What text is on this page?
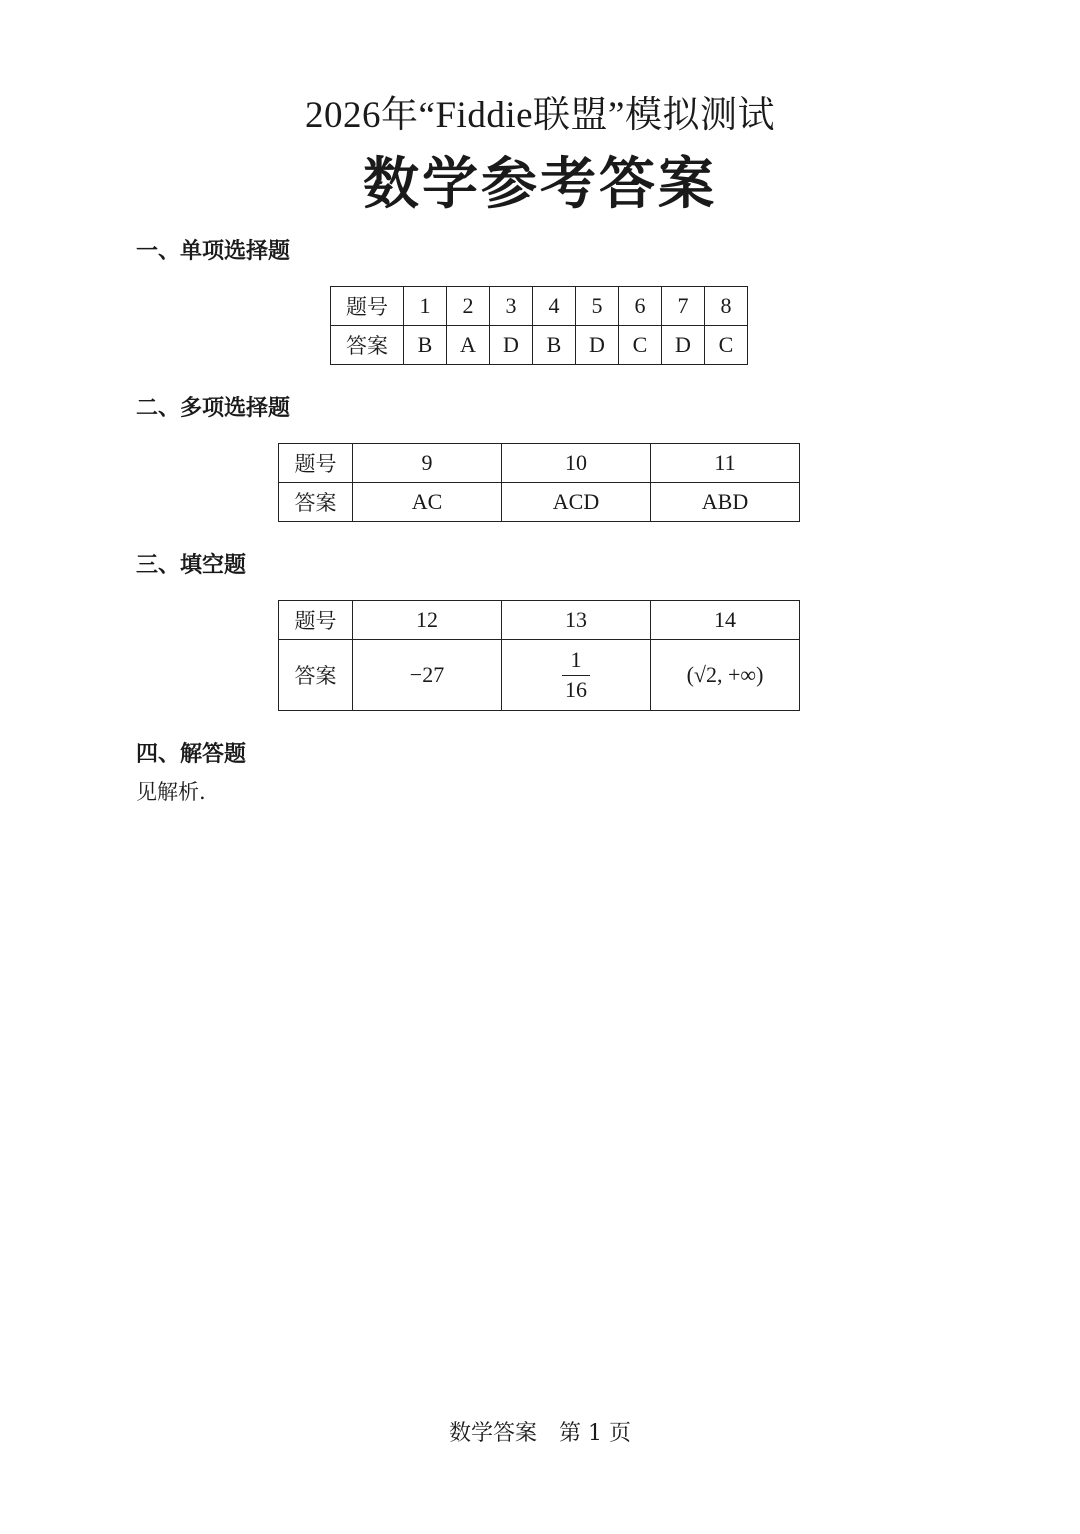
2026年“Fiddie联盟”模拟测试
数学参考答案
一、单项选择题
题号	1	2	3	4	5	6	7	8
答案	B	A	D	B	D	C	D	C
二、多项选择题
题号	9	10	11
答案	AC	ACD	ABD
三、填空题
题号	12	13	14
答案	−27	$\frac{1}{16}$	(√2, +∞)
四、解答题
见解析.
数学答案　第 1 页
